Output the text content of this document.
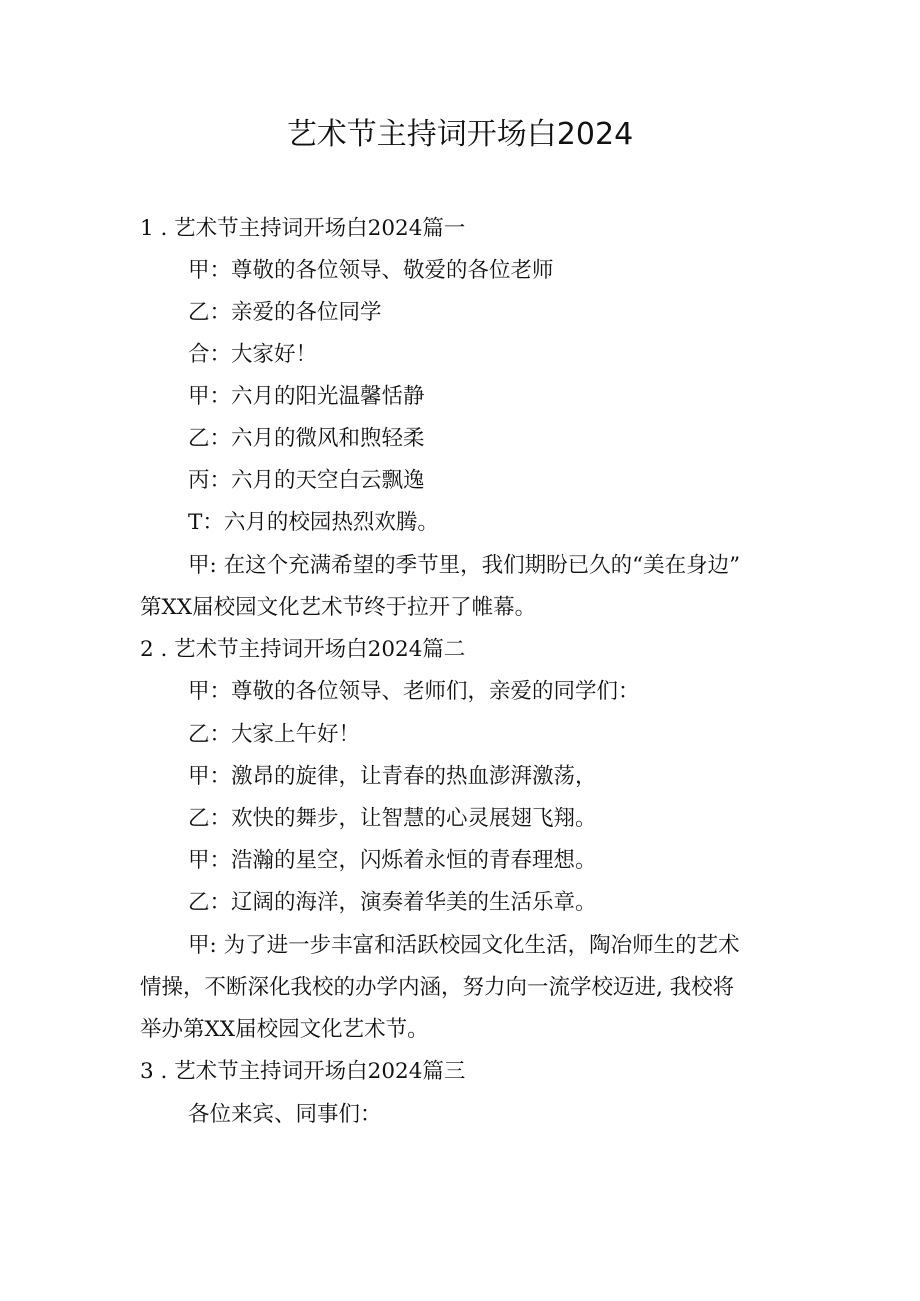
艺术节主持词开场白2024
1 . 艺术节主持词开场白2024篇一
甲：尊敬的各位领导、敬爱的各位老师
乙：亲爱的各位同学
合：大家好！
甲：六月的阳光温馨恬静
乙：六月的微风和煦轻柔
丙：六月的天空白云飘逸
T：六月的校园热烈欢腾。
甲: 在这个充满希望的季节里，我们期盼已久的“美在身边”
第XX届校园文化艺术节终于拉开了帷幕。
2 . 艺术节主持词开场白2024篇二
甲：尊敬的各位领导、老师们，亲爱的同学们：
乙：大家上午好！
甲：激昂的旋律，让青春的热血澎湃激荡，
乙：欢快的舞步，让智慧的心灵展翅飞翔。
甲：浩瀚的星空，闪烁着永恒的青春理想。
乙：辽阔的海洋，演奏着华美的生活乐章。
甲: 为了进一步丰富和活跃校园文化生活，陶冶师生的艺术
情操，不断深化我校的办学内涵，努力向一流学校迈进, 我校将
举办第XX届校园文化艺术节。
3 . 艺术节主持词开场白2024篇三
各位来宾、同事们：
